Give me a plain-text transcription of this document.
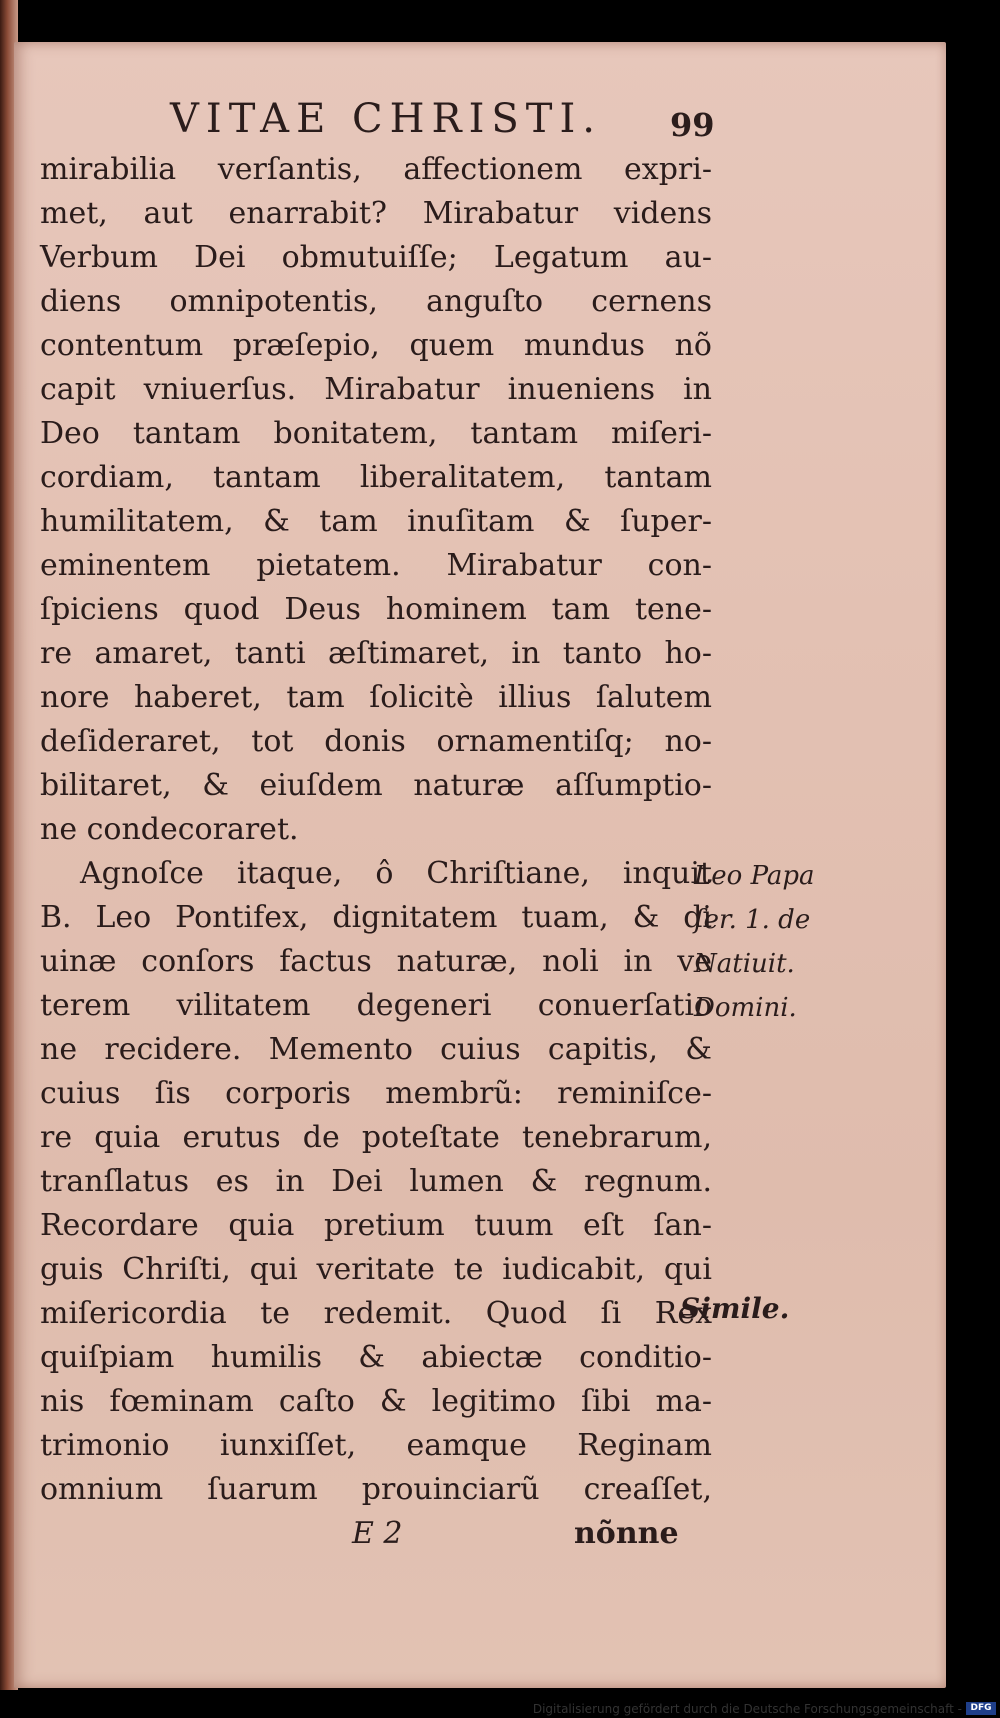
VITAE CHRISTI. 99
mirabilia verſantis, affectionem expri-
met, aut enarrabit? Mirabatur videns
Verbum Dei obmutuiſſe; Legatum au-
diens omnipotentis, anguſto cernens
contentum præſepio, quem mundus nõ
capit vniuerſus. Mirabatur inueniens in
Deo tantam bonitatem, tantam miſeri-
cordiam, tantam liberalitatem, tantam
humilitatem, & tam inuſitam & ſuper-
eminentem pietatem. Mirabatur con-
ſpiciens quod Deus hominem tam tene-
re amaret, tanti æſtimaret, in tanto ho-
nore haberet, tam ſolicitè illius ſalutem
deſideraret, tot donis ornamentiſq; no-
bilitaret, & eiuſdem naturæ aſſumptio-
ne condecoraret.
Agnoſce itaque, ô Chriſtiane, inquit
B. Leo Pontifex, dignitatem tuam, & di
uinæ conſors factus naturæ, noli in ve
terem vilitatem degeneri conuerſatio
ne recidere. Memento cuius capitis, &
cuius ſis corporis membrũ: reminiſce-
re quia erutus de poteſtate tenebrarum,
tranſlatus es in Dei lumen & regnum.
Recordare quia pretium tuum eſt ſan-
guis Chriſti, qui veritate te iudicabit, qui
miſericordia te redemit. Quod ſi Rex
quiſpiam humilis & abiectæ conditio-
nis fœminam caſto & legitimo ſibi ma-
trimonio iunxiſſet, eamque Reginam
omnium ſuarum prouinciarũ creaſſet,
Leo Papa
ſer. 1. de
Natiuit.
Domini.
Simile.
E 2	nõnne
Digitalisierung gefördert durch die Deutsche Forschungsgemeinschaft - DFG
